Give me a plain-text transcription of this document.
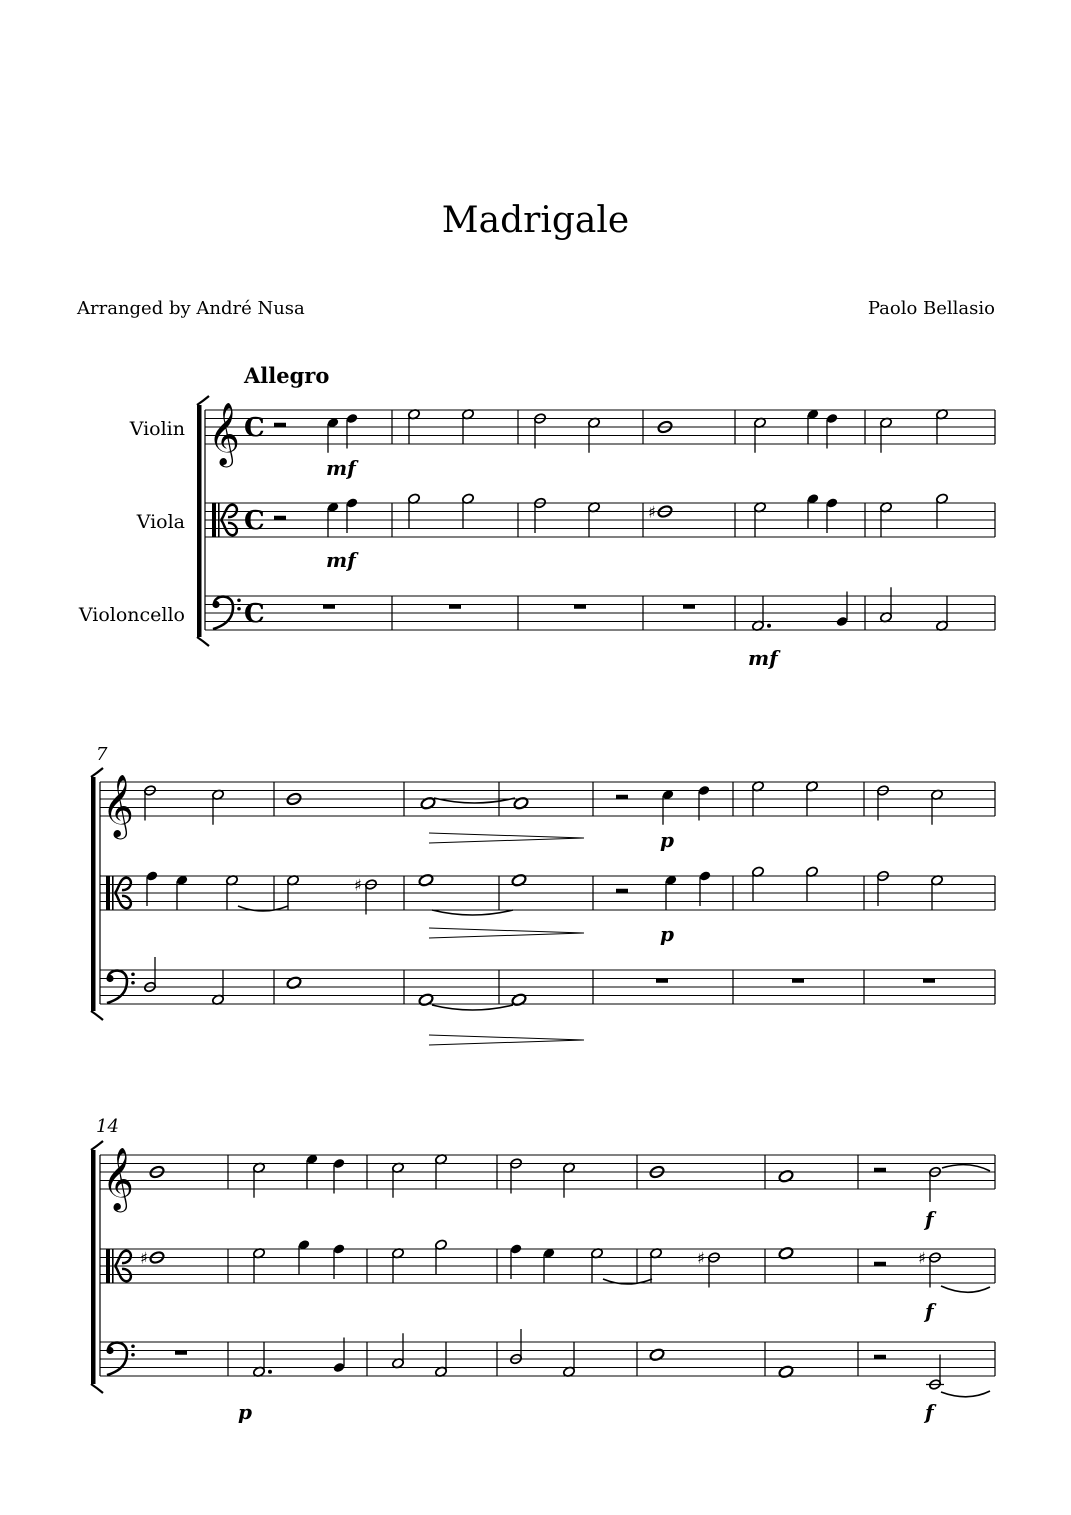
Madrigale
Arranged by André Nusa	Paolo Bellasio
Violin
Viola
Violoncello
Allegro
𝄞 C
C
C
mf
♯
mf
mf
7
𝄞
p
♯
p
14
𝄞
f
♯	♯	♯
f
f
p
